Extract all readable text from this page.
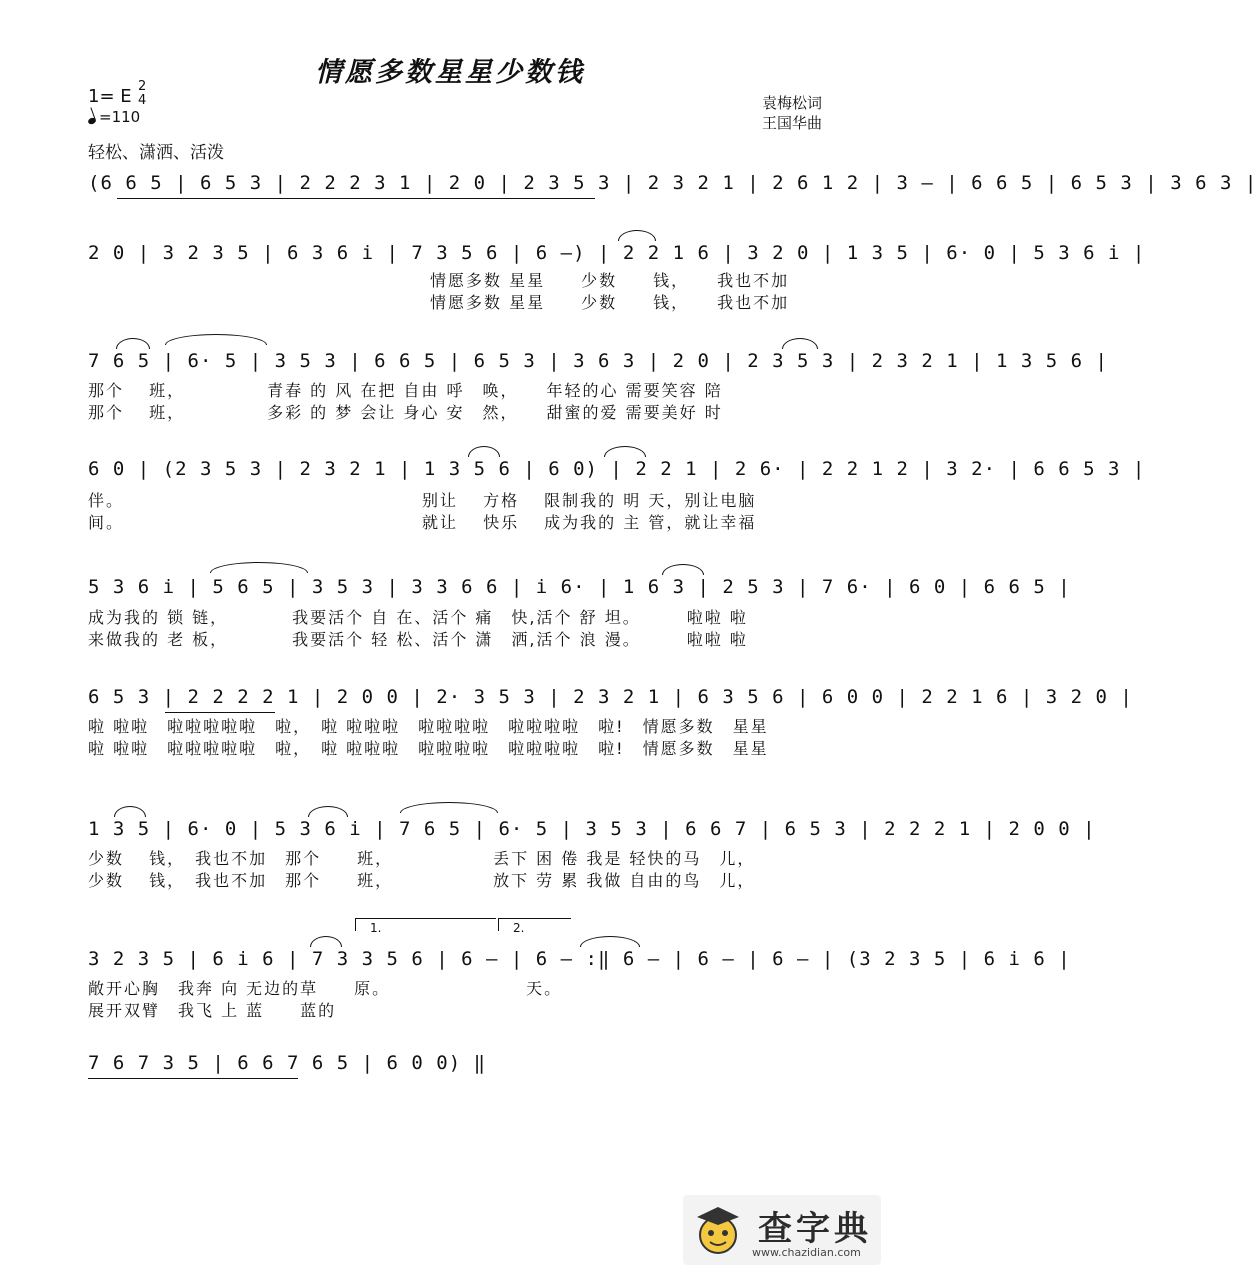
情愿多数星星少数钱
1= E 2
4
=110
轻松、潇洒、活泼
袁梅松词
王国华曲
(6 6 5 | 6 5 3 | 2 2 2 3 1 | 2 0 | 2 3 5 3 | 2 3 2 1 | 2 6 1 2 | 3 – | 6 6 5 | 6 5 3 | 3 6 3 |
2 0 | 3 2 3 5 | 6 3 6 i | 7 3 5 6 | 6 –) | 2 2 1 6 | 3 2 0 | 1 3 5 | 6· 0 | 5 3 6 i |
情愿多数 星星　　少数　　钱，　　我也不加
情愿多数 星星　　少数　　钱，　　我也不加
7 6 5 | 6· 5 | 3 5 3 | 6 6 5 | 6 5 3 | 3 6 3 | 2 0 | 2 3 5 3 | 2 3 2 1 | 1 3 5 6 |
那个　 班，　　　　　青春 的 风 在把 自由 呼　唤，　　年轻的心 需要笑容 陪
那个　 班，　　　　　多彩 的 梦 会让 身心 安　然，　　甜蜜的爱 需要美好 时
6 0 | (2 3 5 3 | 2 3 2 1 | 1 3 5 6 | 6 0) | 2 2 1 | 2 6· | 2 2 1 2 | 3 2· | 6 6 5 3 |
伴。　　　　　　　　　　　　　　　　　别让　 方格　 限制我的 明 天，别让电脑
间。　　　　　　　　　　　　　　　　　就让　 快乐　 成为我的 主 管，就让幸福
5 3 6 i | 5 6 5 | 3 5 3 | 3 3 6 6 | i 6· | 1 6 3 | 2 5 3 | 7 6· | 6 0 | 6 6 5 |
成为我的 锁 链，　　　　我要活个 自 在、活个 痛　快,活个 舒 坦。　　　啦啦 啦
来做我的 老 板，　　　　我要活个 轻 松、活个 潇　洒,活个 浪 漫。　　　啦啦 啦
6 5 3 | 2 2 2 2 1 | 2 0 0 | 2· 3 5 3 | 2 3 2 1 | 6 3 5 6 | 6 0 0 | 2 2 1 6 | 3 2 0 |
啦 啦啦　啦啦啦啦啦　啦，　啦 啦啦啦　啦啦啦啦　啦啦啦啦　啦!　情愿多数　星星
啦 啦啦　啦啦啦啦啦　啦，　啦 啦啦啦　啦啦啦啦　啦啦啦啦　啦!　情愿多数　星星
1 3 5 | 6· 0 | 5 3 6 i | 7 6 5 | 6· 5 | 3 5 3 | 6 6 7 | 6 5 3 | 2 2 2 1 | 2 0 0 |
少数　 钱，　我也不加　那个　　班，　　　　　　丢下 困 倦 我是 轻快的马　儿，
少数　 钱，　我也不加　那个　　班，　　　　　　放下 劳 累 我做 自由的鸟　儿，
1.	2.
3 2 3 5 | 6 i 6 | 7 3 3 5 6 | 6 – | 6 – :‖ 6 – | 6 – | 6 – | (3 2 3 5 | 6 i 6 |
敞开心胸　我奔 向 无边的草　　原。　　　　　　　　天。
展开双臂　我飞 上 蓝　　蓝的
7 6 7 3 5 | 6 6 7 6 5 | 6 0 0) ‖
查字典
www.chazidian.com
